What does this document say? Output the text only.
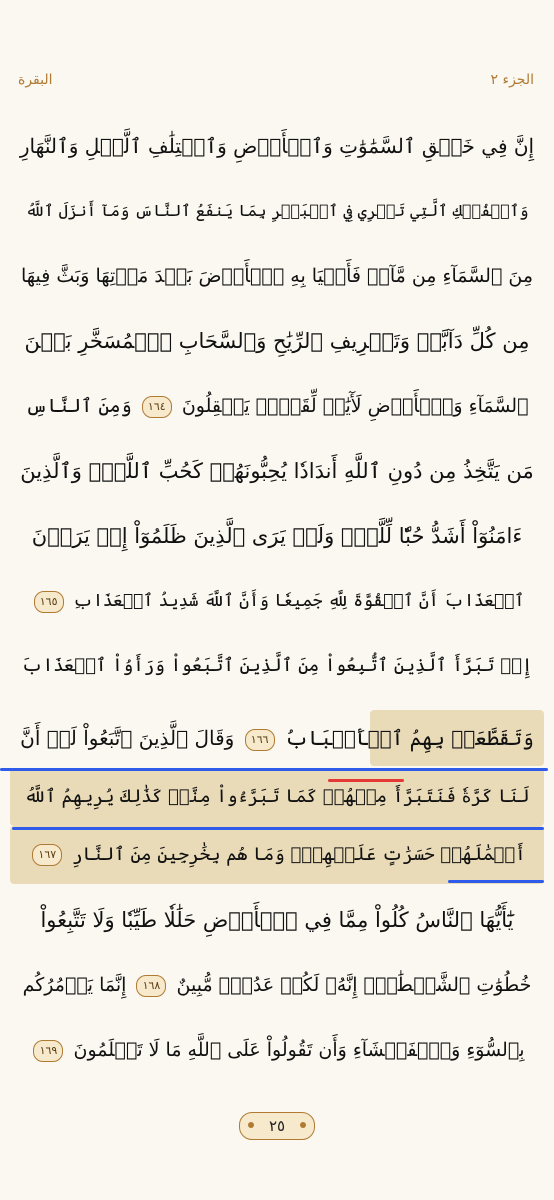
البقرة	الجزء ٢
إِنَّ فِي خَلۡقِ ٱلسَّمَٰوَٰتِ وَٱلۡأَرۡضِ وَٱخۡتِلَٰفِ ٱلَّيۡلِ وَٱلنَّهَارِ
وَٱلۡفُلۡكِ ٱلَّتِي تَجۡرِي فِي ٱلۡبَحۡرِ بِمَا يَنفَعُ ٱلنَّاسَ وَمَآ أَنزَلَ ٱللَّهُ
مِنَ ٱلسَّمَآءِ مِن مَّآءٖ فَأَحۡيَا بِهِ ٱلۡأَرۡضَ بَعۡدَ مَوۡتِهَا وَبَثَّ فِيهَا
مِن كُلِّ دَآبَّةٖ وَتَصۡرِيفِ ٱلرِّيَٰحِ وَٱلسَّحَابِ ٱلۡمُسَخَّرِ بَيۡنَ
ٱلسَّمَآءِ وَٱلۡأَرۡضِ لَأٓيَٰتٖ لِّقَوۡمٖ يَعۡقِلُونَ ١٦٤ وَمِنَ ٱلنَّاسِ
مَن يَتَّخِذُ مِن دُونِ ٱللَّهِ أَندَادٗا يُحِبُّونَهُمۡ كَحُبِّ ٱللَّهِۖ وَٱلَّذِينَ
ءَامَنُوٓاْ أَشَدُّ حُبّٗا لِّلَّهِۗ وَلَوۡ يَرَى ٱلَّذِينَ ظَلَمُوٓاْ إِذۡ يَرَوۡنَ
ٱلۡعَذَابَ أَنَّ ٱلۡقُوَّةَ لِلَّهِ جَمِيعٗا وَأَنَّ ٱللَّهَ شَدِيدُ ٱلۡعَذَابِ ١٦٥
إِذۡ تَبَرَّأَ ٱلَّذِينَ ٱتُّبِعُواْ مِنَ ٱلَّذِينَ ٱتَّبَعُواْ وَرَأَوُاْ ٱلۡعَذَابَ
وَتَقَطَّعَتۡ بِهِمُ ٱلۡأَسۡبَابُ ١٦٦ وَقَالَ ٱلَّذِينَ ٱتَّبَعُواْ لَوۡ أَنَّ
لَنَا كَرَّةٗ فَنَتَبَرَّأَ مِنۡهُمۡ كَمَا تَبَرَّءُواْ مِنَّاۗ كَذَٰلِكَ يُرِيهِمُ ٱللَّهُ
أَعۡمَٰلَهُمۡ حَسَرَٰتٍ عَلَيۡهِمۡۖ وَمَا هُم بِخَٰرِجِينَ مِنَ ٱلنَّارِ ١٦٧
يَٰٓأَيُّهَا ٱلنَّاسُ كُلُواْ مِمَّا فِي ٱلۡأَرۡضِ حَلَٰلٗا طَيِّبٗا وَلَا تَتَّبِعُواْ
خُطُوَٰتِ ٱلشَّيۡطَٰنِۚ إِنَّهُۥ لَكُمۡ عَدُوّٞ مُّبِينٌ ١٦٨ إِنَّمَا يَأۡمُرُكُم
بِٱلسُّوٓءِ وَٱلۡفَحۡشَآءِ وَأَن تَقُولُواْ عَلَى ٱللَّهِ مَا لَا تَعۡلَمُونَ ١٦٩
٢٥
